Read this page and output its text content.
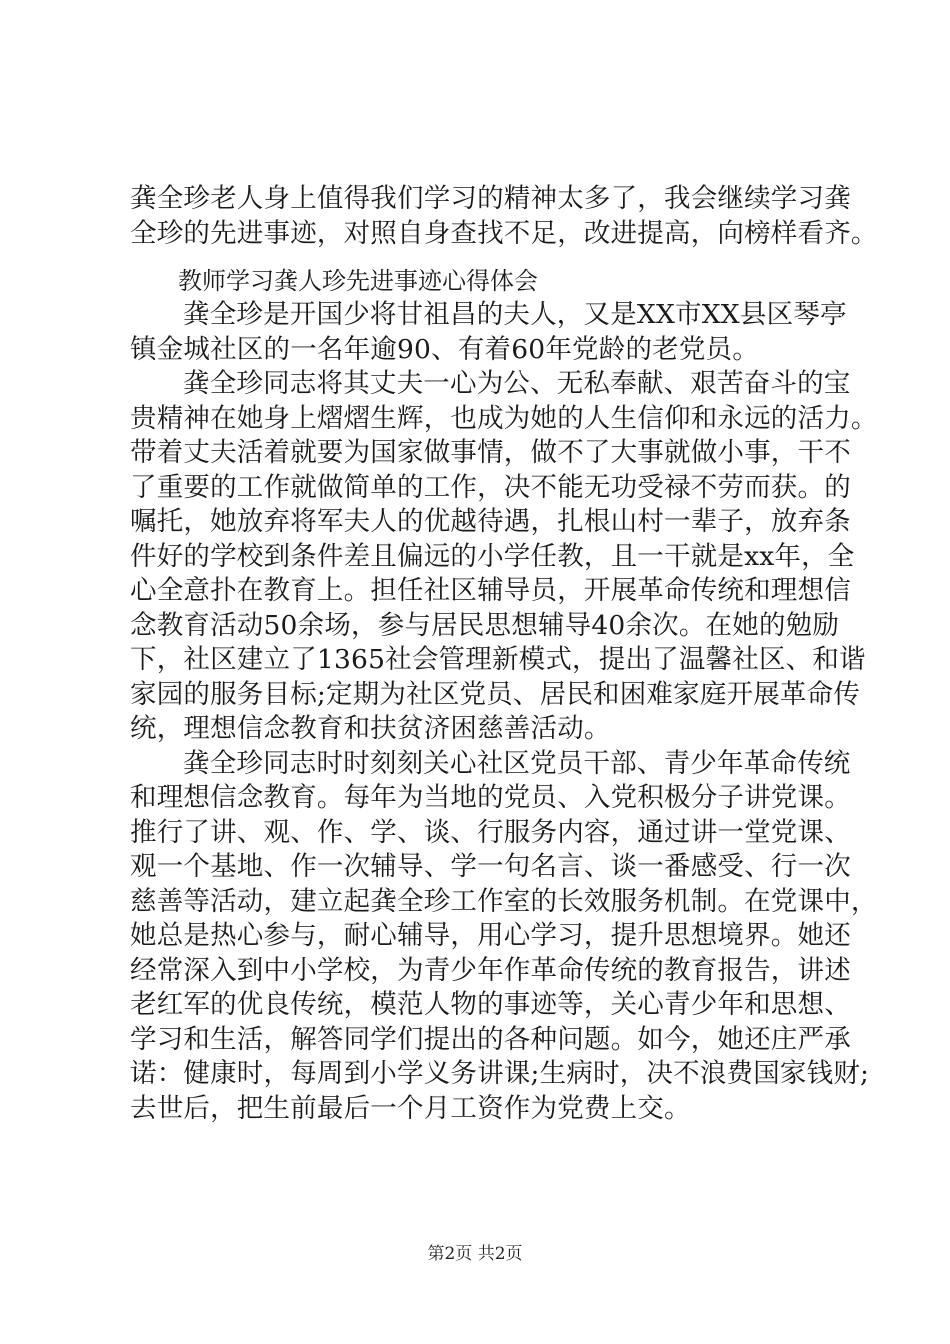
龚全珍老人身上值得我们学习的精神太多了，我会继续学习龚
全珍的先进事迹，对照自身查找不足，改进提高，向榜样看齐。
教师学习龚人珍先进事迹心得体会
龚全珍是开国少将甘祖昌的夫人，又是XX市XX县区琴亭
镇金城社区的一名年逾90、有着60年党龄的老党员。
龚全珍同志将其丈夫一心为公、无私奉献、艰苦奋斗的宝
贵精神在她身上熠熠生辉，也成为她的人生信仰和永远的活力。
带着丈夫活着就要为国家做事情，做不了大事就做小事，干不
了重要的工作就做简单的工作，决不能无功受禄不劳而获。的
嘱托，她放弃将军夫人的优越待遇，扎根山村一辈子，放弃条
件好的学校到条件差且偏远的小学任教，且一干就是xx年，全
心全意扑在教育上。担任社区辅导员，开展革命传统和理想信
念教育活动50余场，参与居民思想辅导40余次。在她的勉励
下，社区建立了1365社会管理新模式，提出了温馨社区、和谐
家园的服务目标;定期为社区党员、居民和困难家庭开展革命传
统，理想信念教育和扶贫济困慈善活动。
龚全珍同志时时刻刻关心社区党员干部、青少年革命传统
和理想信念教育。每年为当地的党员、入党积极分子讲党课。
推行了讲、观、作、学、谈、行服务内容，通过讲一堂党课、
观一个基地、作一次辅导、学一句名言、谈一番感受、行一次
慈善等活动，建立起龚全珍工作室的长效服务机制。在党课中，
她总是热心参与，耐心辅导，用心学习，提升思想境界。她还
经常深入到中小学校，为青少年作革命传统的教育报告，讲述
老红军的优良传统，模范人物的事迹等，关心青少年和思想、
学习和生活，解答同学们提出的各种问题。如今，她还庄严承
诺：健康时，每周到小学义务讲课;生病时，决不浪费国家钱财;
去世后，把生前最后一个月工资作为党费上交。
第2页 共2页
